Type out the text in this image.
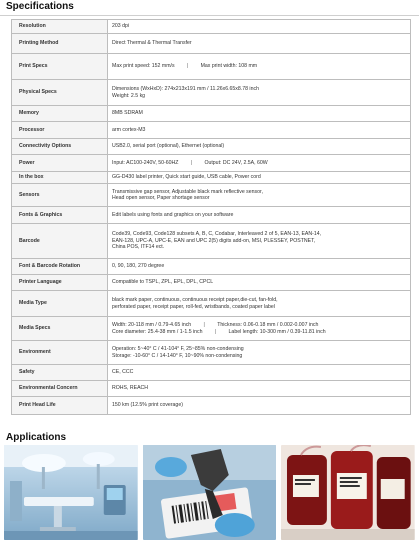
Specifications
Resolution	203 dpi
Printing Method	Direct Thermal & Thermal Transfer
Print Specs	Max print speed: 152 mm/s | Max print width: 108 mm
Physical Specs	Dimensions (WxHxD): 274x213x191 mm / 11.26x6.65x8.78 inch
Weight: 2.5 kg

Memory	8MB SDRAM
Processor	arm cortex-M3
Connectivity Options	USB2.0, serial port (optional), Ethernet (optional)
Power	Input: AC100-240V, 50-60HZ | Output: DC 24V, 2.5A, 60W
In the box	GG-D430 label printer, Quick start guide, USB cable, Power cord
Sensors	Transmissive gap sensor, Adjustable black mark reflective sensor,
Head open sensor, Paper shortage sensor

Fonts & Graphics	Edit labels using fonts and graphics on your software
Barcode	Code39, Code93, Code128 subsets A, B, C, Codabar, Interleaved 2 of 5, EAN-13, EAN-14,
EAN-128, UPC-A, UPC-E, EAN and UPC 2(5) digits add-on, MSI, PLESSEY, POSTNET,
China POS, ITF14 ect.

Font & Barcode Rotation	0, 90, 180, 270 degree
Printer Language	Compatible to TSPL, ZPL, EPL, DPL, CPCL
Media Type	black mark paper, continuous, continuous receipt paper,die-cut, fan-fold,
perforated paper, receipt paper, roll-fed, wristbands, coated paper label

Media Specs	Width: 20-118 mm / 0.79-4.65 inch | Thickness: 0.06-0.18 mm / 0.002-0.007 inch
Core diameter: 25.4-38 mm / 1-1.5 inch | Label length: 10-300 mm / 0.39-11.81 inch

Environment	Operation: 5~40° C / 41-104° F, 25~85% non-condensing
Storage: -10-60° C / 14-140° F, 10~90% non-condensing

Safety	CE, CCC
Environmental Concern	ROHS, REACH
Print Head Life	150 km (12.5% print coverage)
Applications
